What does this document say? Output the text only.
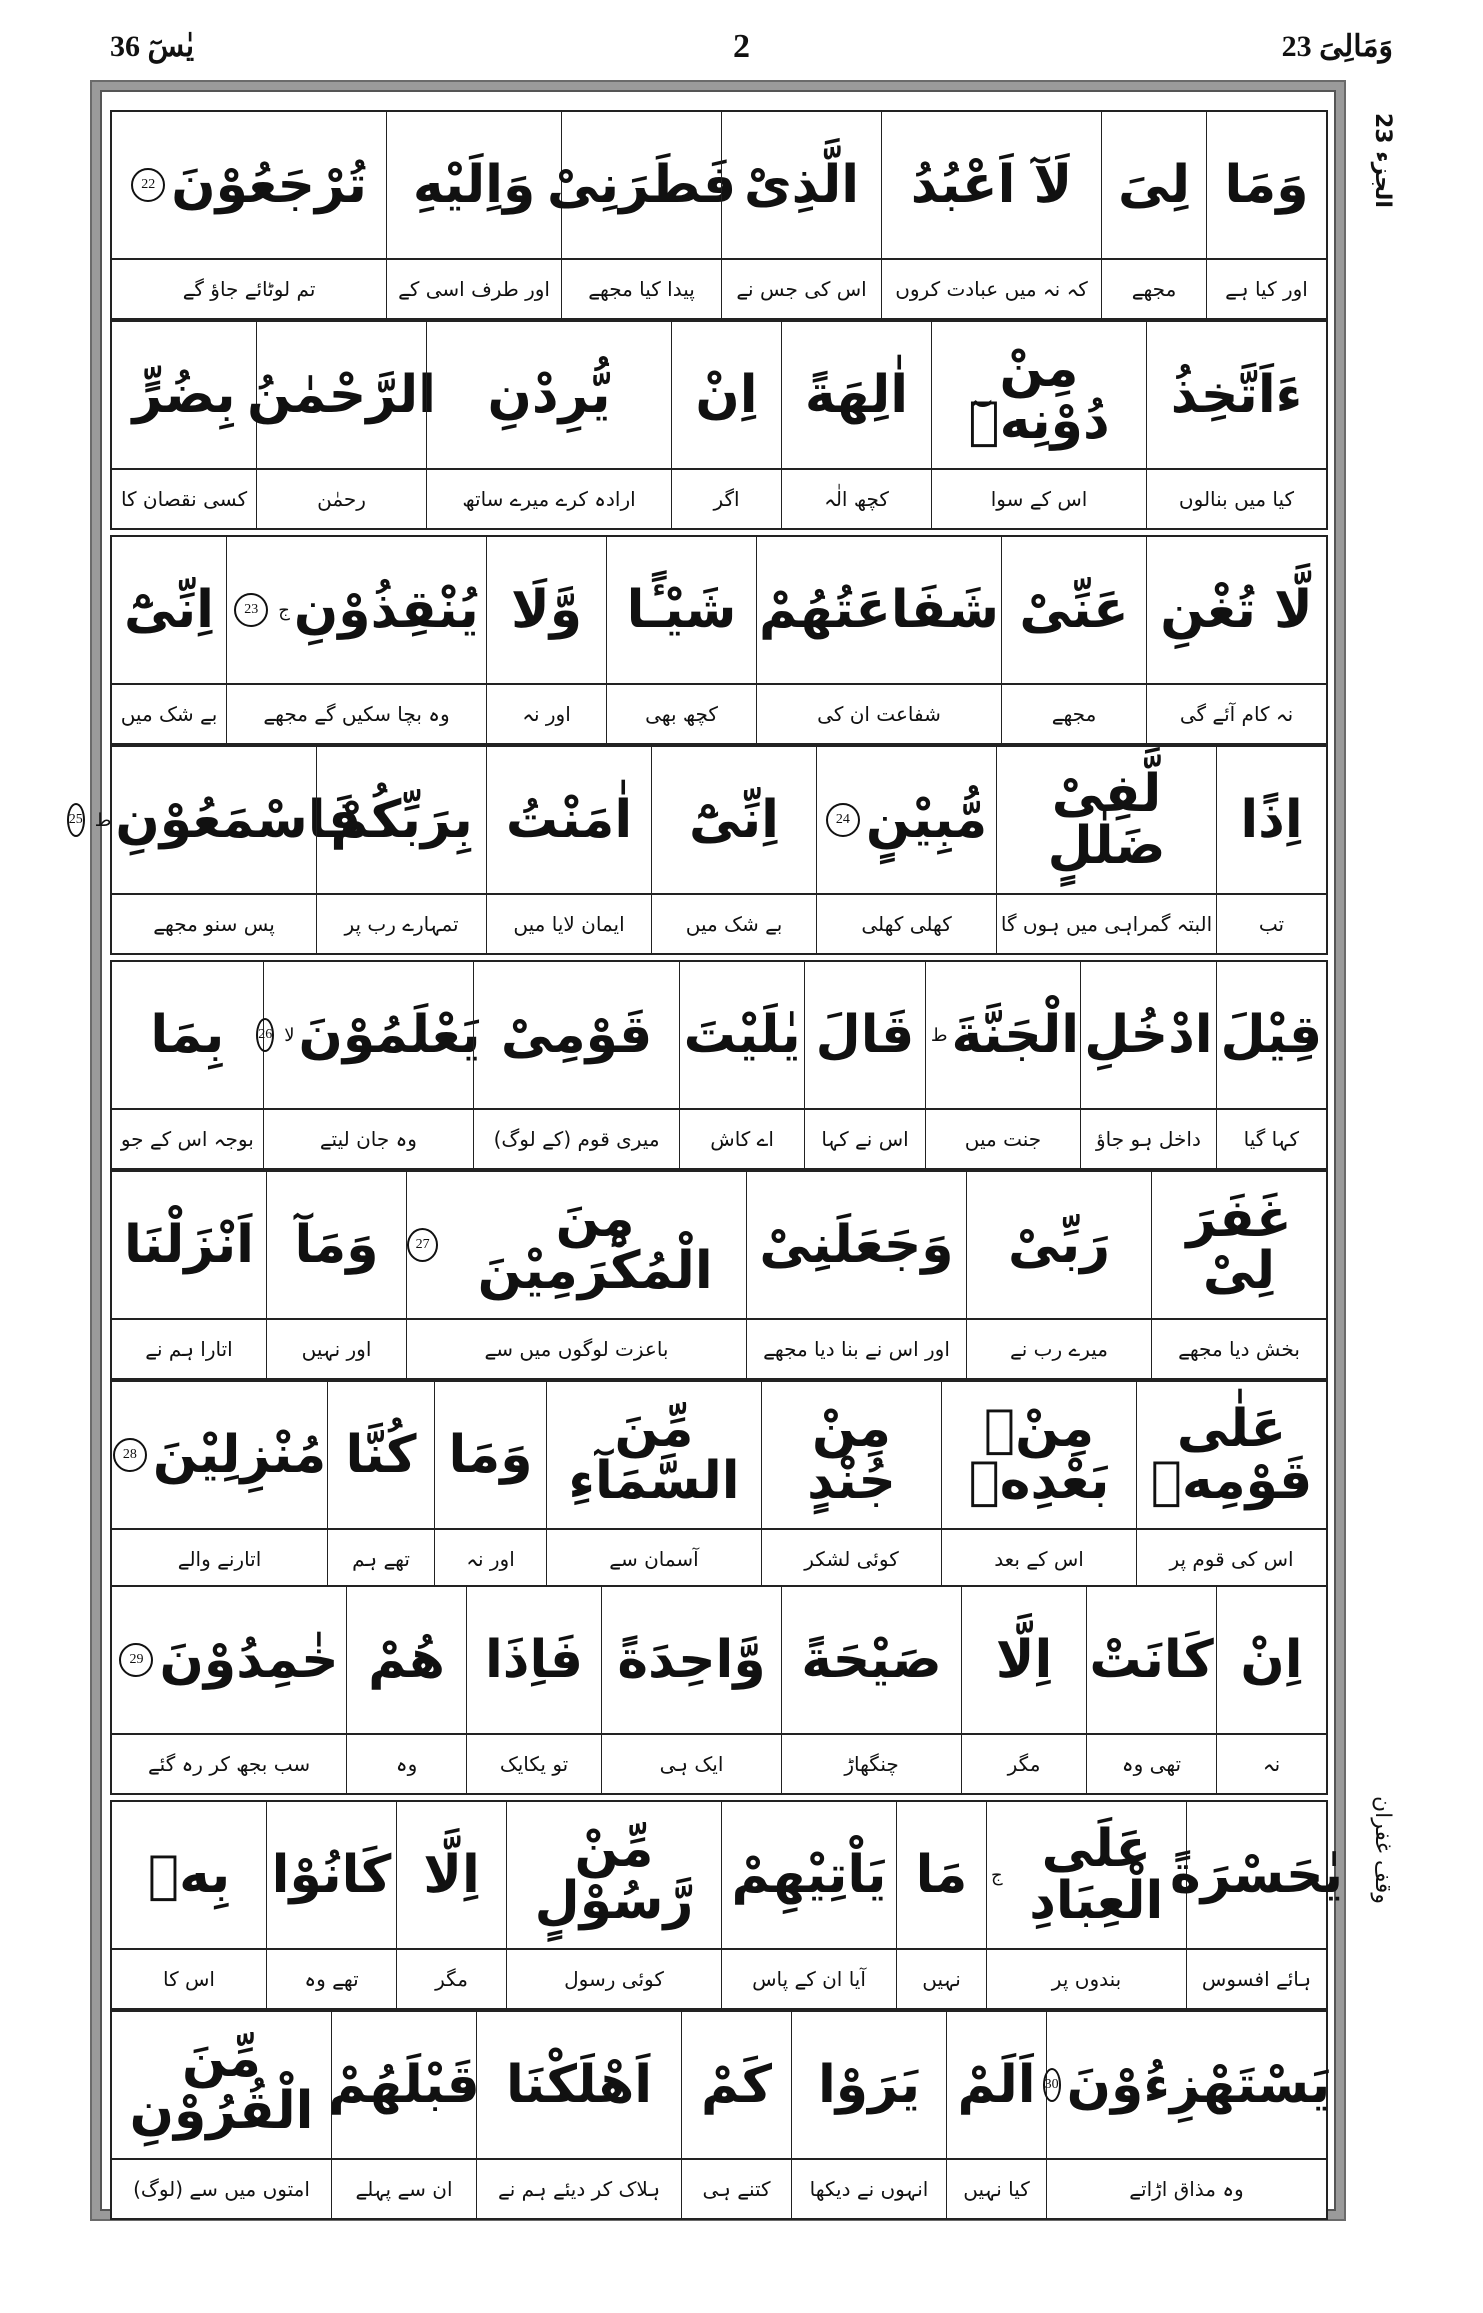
یٰسٓ 36	2	وَمَالِیَ 23
الجزء 23
وقف غفران
وَمَا
لِیَ
لَآ اَعْبُدُ
الَّذِیْ
فَطَرَنِیْ
وَاِلَیْهِ
تُرْجَعُوْنَ
22
اور کیا ہے
مجھے
کہ نہ میں عبادت کروں
اس کی جس نے
پیدا کیا مجھے
اور طرف اسی کے
تم لوٹائے جاؤ گے
ءَاَتَّخِذُ
مِنْ دُوْنِهٖٓ
اٰلِهَةً
اِنْ
یُّرِدْنِ
الرَّحْمٰنُ
بِضُرٍّ
کیا میں بنالوں
اس کے سوا
کچھ الٰہ
اگر
ارادہ کرے میرے ساتھ
رحمٰن
کسی نقصان کا
لَّا تُغْنِ
عَنِّیْ
شَفَاعَتُهُمْ
شَیْـًٔا
وَّلَا
یُنْقِذُوْنِ
ج
23
اِنِّیْٓ
نہ کام آئے گی
مجھے
شفاعت ان کی
کچھ بھی
اور نہ
وہ بچا سکیں گے مجھے
بے شک میں
اِذًا
لَّفِیْ ضَلٰلٍ
مُّبِیْنٍ
24
اِنِّیْٓ
اٰمَنْتُ
بِرَبِّكُمْ
فَاسْمَعُوْنِ
ط
25
تب
البتہ گمراہی میں ہوں گا
کھلی کھلی
بے شک میں
ایمان لایا میں
تمہارے رب پر
پس سنو مجھے
قِیْلَ
ادْخُلِ
الْجَنَّةَ
ط
قَالَ
یٰلَیْتَ
قَوْمِیْ
یَعْلَمُوْنَ
لا
26
بِمَا
کہا گیا
داخل ہو جاؤ
جنت میں
اس نے کہا
اے کاش
میری قوم (کے لوگ)
وہ جان لیتے
بوجہ اس کے جو
غَفَرَ لِیْ
رَبِّیْ
وَجَعَلَنِیْ
مِنَ الْمُكْرَمِیْنَ
27
وَمَآ
اَنْزَلْنَا
بخش دیا مجھے
میرے رب نے
اور اس نے بنا دیا مجھے
باعزت لوگوں میں سے
اور نہیں
اتارا ہم نے
عَلٰى قَوْمِهٖ
مِنْۢ بَعْدِهٖ
مِنْ جُنْدٍ
مِّنَ السَّمَآءِ
وَمَا
كُنَّا
مُنْزِلِیْنَ
28
اس کی قوم پر
اس کے بعد
کوئی لشکر
آسمان سے
اور نہ
تھے ہم
اتارنے والے
اِنْ
كَانَتْ
اِلَّا
صَیْحَةً
وَّاحِدَةً
فَاِذَا
هُمْ
خٰمِدُوْنَ
29
نہ
تھی وہ
مگر
چنگھاڑ
ایک ہی
تو یکایک
وہ
سب بجھ کر رہ گئے
یٰحَسْرَةً
عَلَى الْعِبَادِ
ج
مَا
یَاْتِیْهِمْ
مِّنْ رَّسُوْلٍ
اِلَّا
كَانُوْا
بِهٖ
ہائے افسوس
بندوں پر
نہیں
آیا ان کے پاس
کوئی رسول
مگر
تھے وہ
اس کا
یَسْتَهْزِءُوْنَ
30
اَلَمْ
یَرَوْا
كَمْ
اَهْلَكْنَا
قَبْلَهُمْ
مِّنَ الْقُرُوْنِ
وہ مذاق اڑاتے
کیا نہیں
انہوں نے دیکھا
کتنے ہی
ہلاک کر دیئے ہم نے
ان سے پہلے
امتوں میں سے (لوگ)
